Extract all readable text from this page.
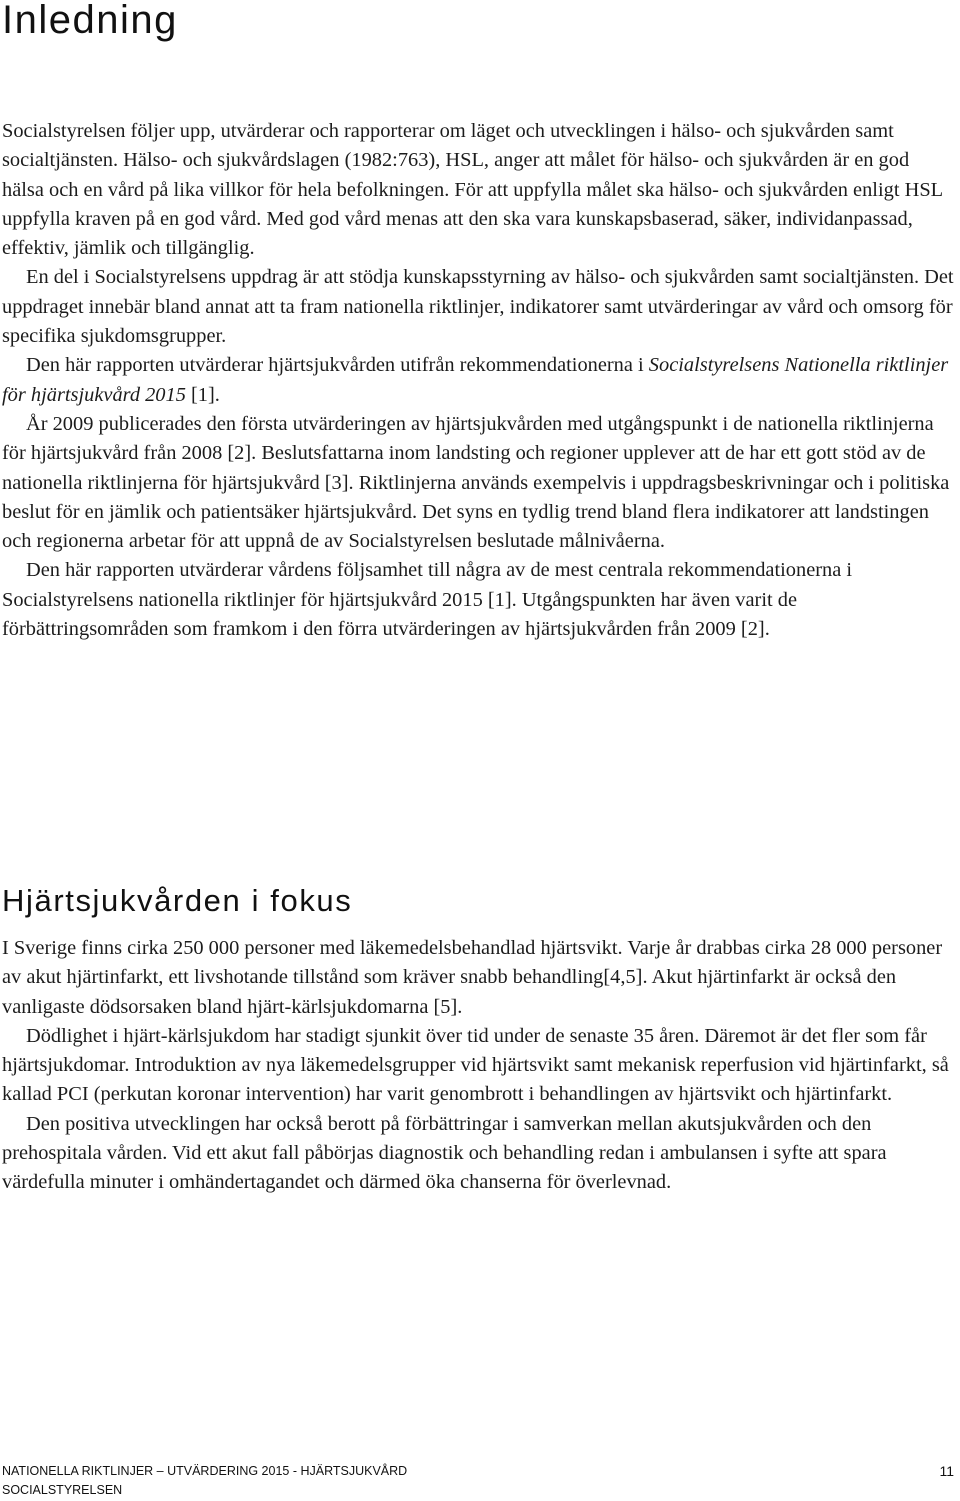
Inledning

Socialstyrelsen följer upp, utvärderar och rapporterar om läget och utvecklingen i hälso- och sjukvården samt socialtjänsten. Hälso- och sjukvårdslagen (1982:763), HSL, anger att målet för hälso- och sjukvården är en god hälsa och en vård på lika villkor för hela befolkningen. För att uppfylla målet ska hälso- och sjukvården enligt HSL uppfylla kraven på en god vård. Med god vård menas att den ska vara kunskapsbaserad, säker, individanpassad, effektiv, jämlik och tillgänglig.

En del i Socialstyrelsens uppdrag är att stödja kunskapsstyrning av hälso- och sjukvården samt socialtjänsten. Det uppdraget innebär bland annat att ta fram nationella riktlinjer, indikatorer samt utvärderingar av vård och omsorg för specifika sjukdomsgrupper.

Den här rapporten utvärderar hjärtsjukvården utifrån rekommendationerna i Socialstyrelsens Nationella riktlinjer för hjärtsjukvård 2015 [1].

År 2009 publicerades den första utvärderingen av hjärtsjukvården med utgångspunkt i de nationella riktlinjerna för hjärtsjukvård från 2008 [2]. Beslutsfattarna inom landsting och regioner upplever att de har ett gott stöd av de nationella riktlinjerna för hjärtsjukvård [3]. Riktlinjerna används exempelvis i uppdragsbeskrivningar och i politiska beslut för en jämlik och patientsäker hjärtsjukvård. Det syns en tydlig trend bland flera indikatorer att landstingen och regionerna arbetar för att uppnå de av Socialstyrelsen beslutade målnivåerna.

Den här rapporten utvärderar vårdens följsamhet till några av de mest centrala rekommendationerna i Socialstyrelsens nationella riktlinjer för hjärtsjukvård 2015 [1]. Utgångspunkten har även varit de förbättringsområden som framkom i den förra utvärderingen av hjärtsjukvården från 2009 [2].

Hjärtsjukvården i fokus

I Sverige finns cirka 250 000 personer med läkemedelsbehandlad hjärtsvikt. Varje år drabbas cirka 28 000 personer av akut hjärtinfarkt, ett livshotande tillstånd som kräver snabb behandling[4,5]. Akut hjärtinfarkt är också den vanligaste dödsorsaken bland hjärt-kärlsjukdomarna [5].

Dödlighet i hjärt-kärlsjukdom har stadigt sjunkit över tid under de senaste 35 åren. Däremot är det fler som får hjärtsjukdomar. Introduktion av nya läkemedelsgrupper vid hjärtsvikt samt mekanisk reperfusion vid hjärtinfarkt, så kallad PCI (perkutan koronar intervention) har varit genombrott i behandlingen av hjärtsvikt och hjärtinfarkt.

Den positiva utvecklingen har också berott på förbättringar i samverkan mellan akutsjukvården och den prehospitala vården. Vid ett akut fall påbörjas diagnostik och behandling redan i ambulansen i syfte att spara värdefulla minuter i omhändertagandet och därmed öka chanserna för överlevnad.

NATIONELLA RIKTLINJER – UTVÄRDERING 2015 - HJÄRTSJUKVÅRD
SOCIALSTYRELSEN
11
